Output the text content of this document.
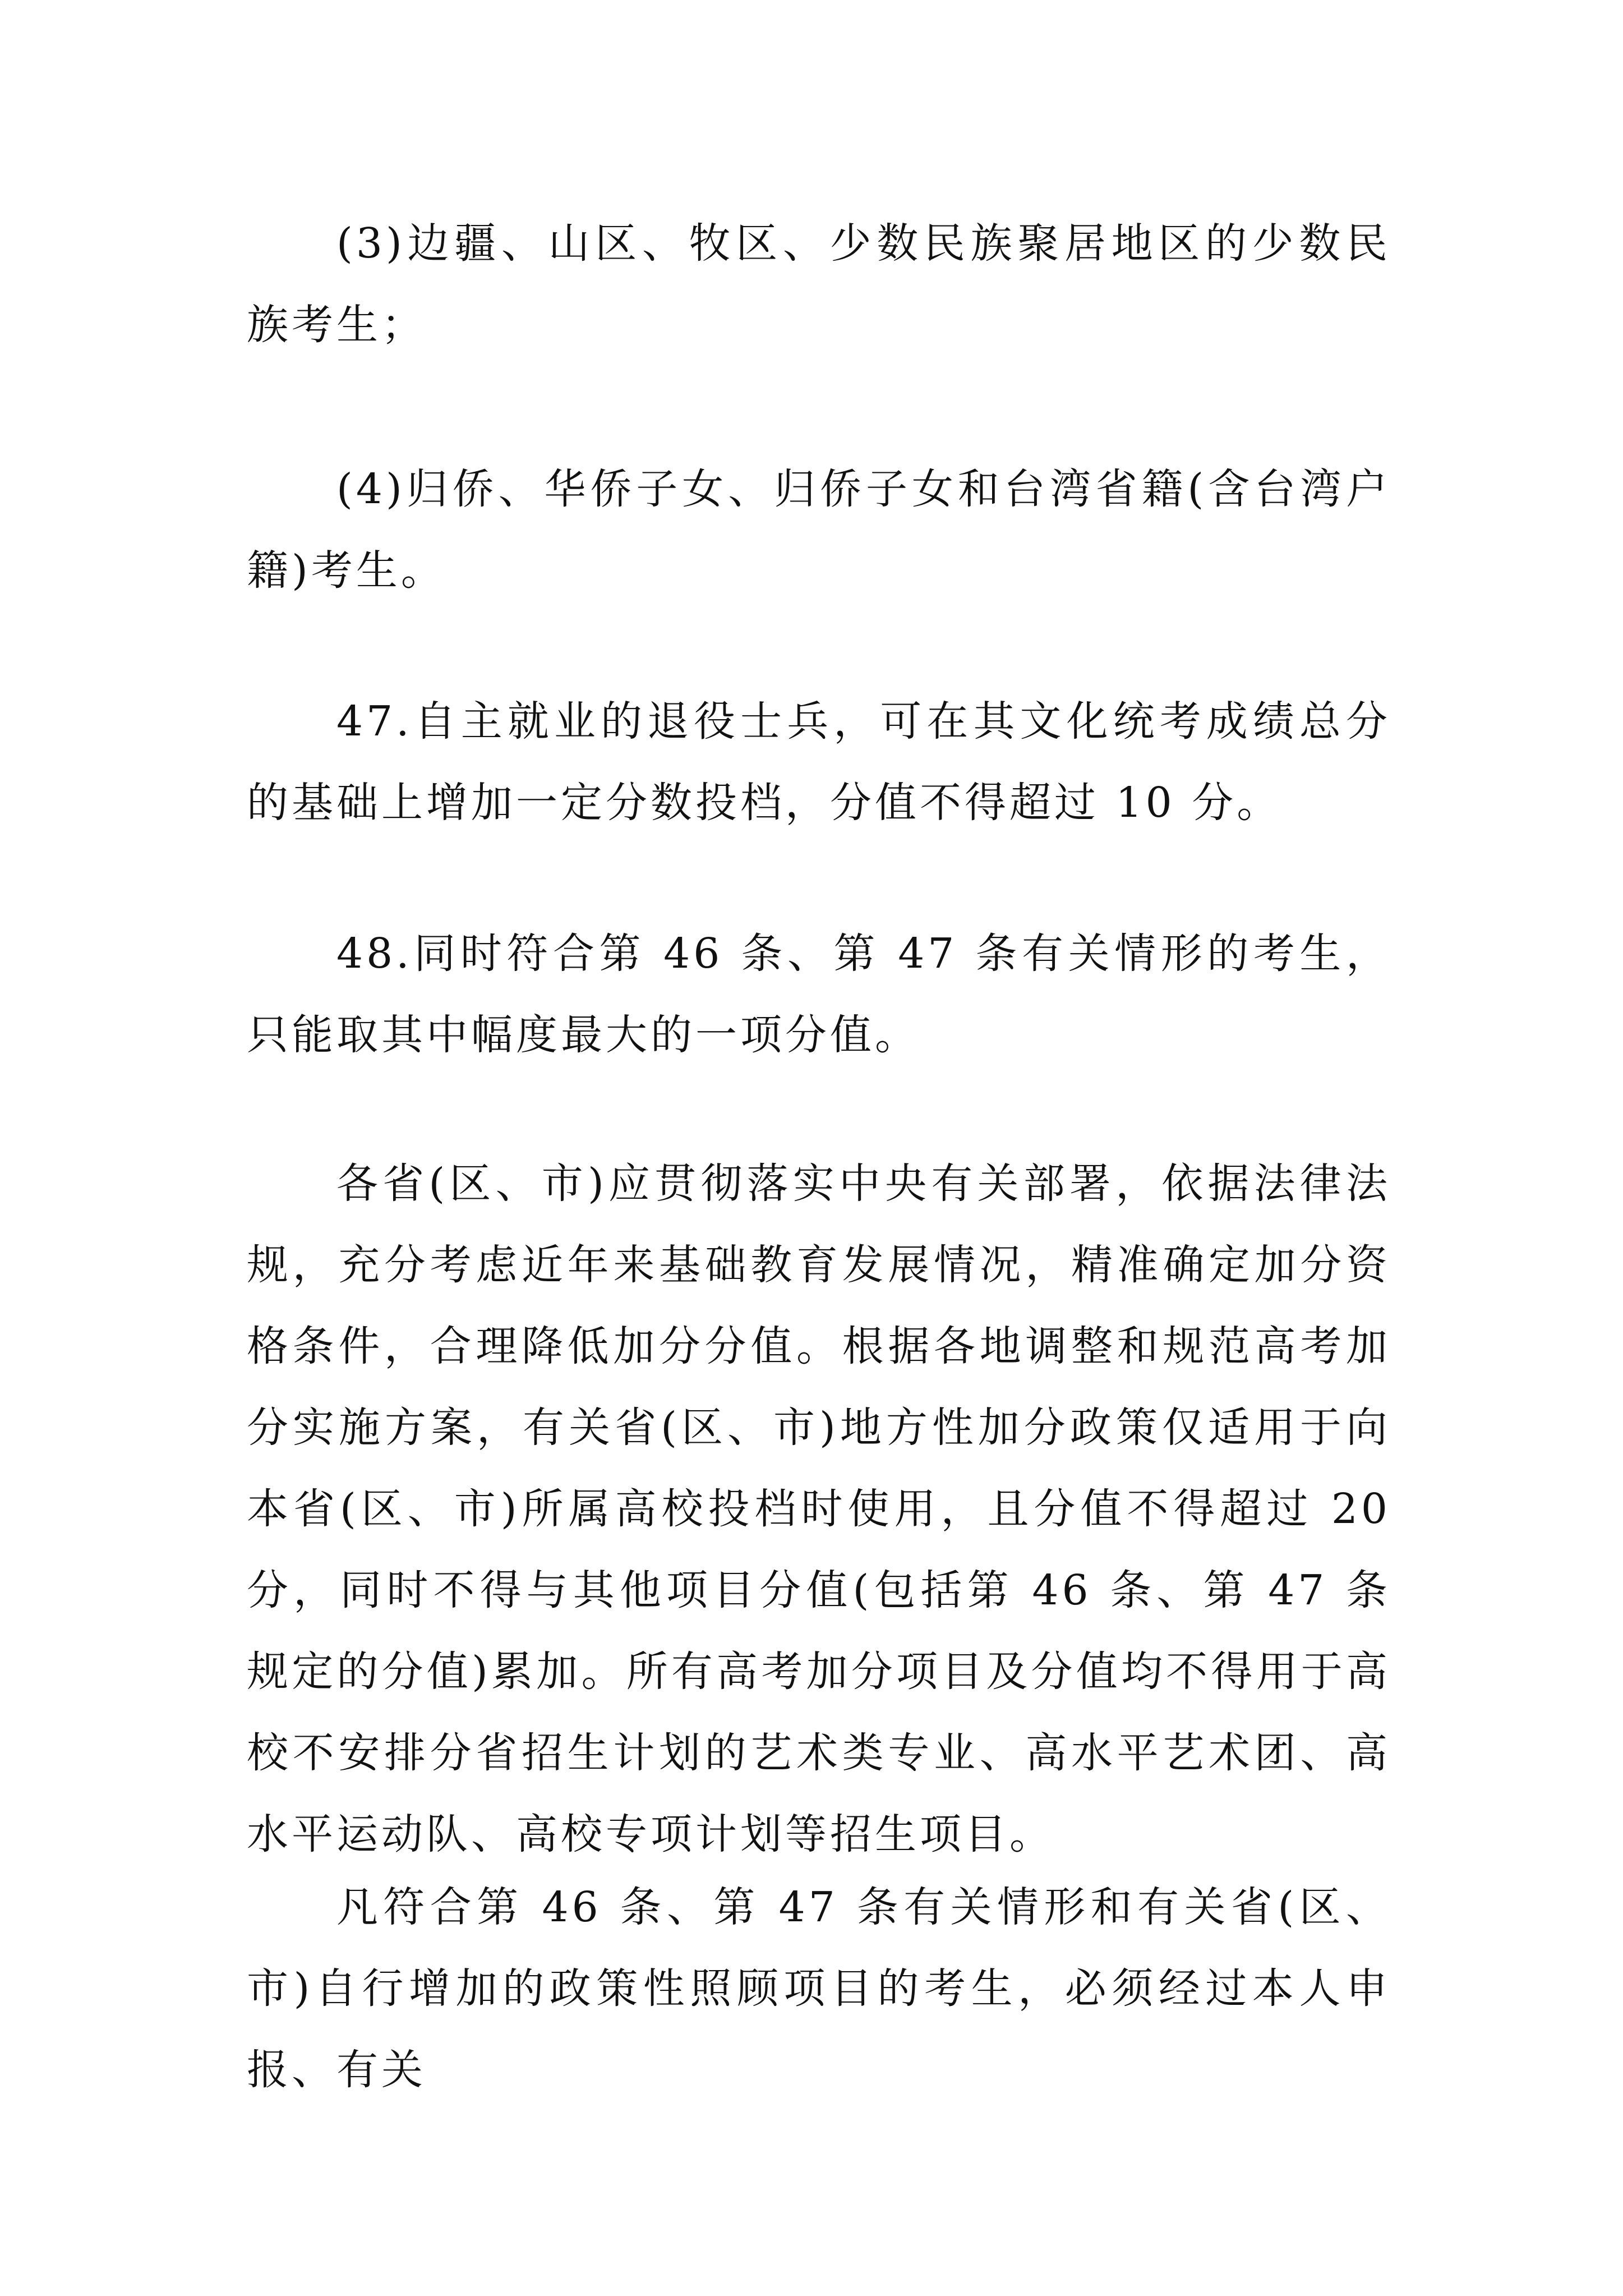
(3)边疆、山区、牧区、少数民族聚居地区的少数民族考生；

(4)归侨、华侨子女、归侨子女和台湾省籍(含台湾户籍)考生。

47.自主就业的退役士兵，可在其文化统考成绩总分的基础上增加一定分数投档，分值不得超过 10 分。

48.同时符合第 46 条、第 47 条有关情形的考生，只能取其中幅度最大的一项分值。

各省(区、市)应贯彻落实中央有关部署，依据法律法规，充分考虑近年来基础教育发展情况，精准确定加分资格条件，合理降低加分分值。根据各地调整和规范高考加分实施方案，有关省(区、市)地方性加分政策仅适用于向本省(区、市)所属高校投档时使用，且分值不得超过 20 分，同时不得与其他项目分值(包括第 46 条、第 47 条规定的分值)累加。所有高考加分项目及分值均不得用于高校不安排分省招生计划的艺术类专业、高水平艺术团、高水平运动队、高校专项计划等招生项目。

凡符合第 46 条、第 47 条有关情形和有关省(区、市)自行增加的政策性照顾项目的考生，必须经过本人申报、有关
